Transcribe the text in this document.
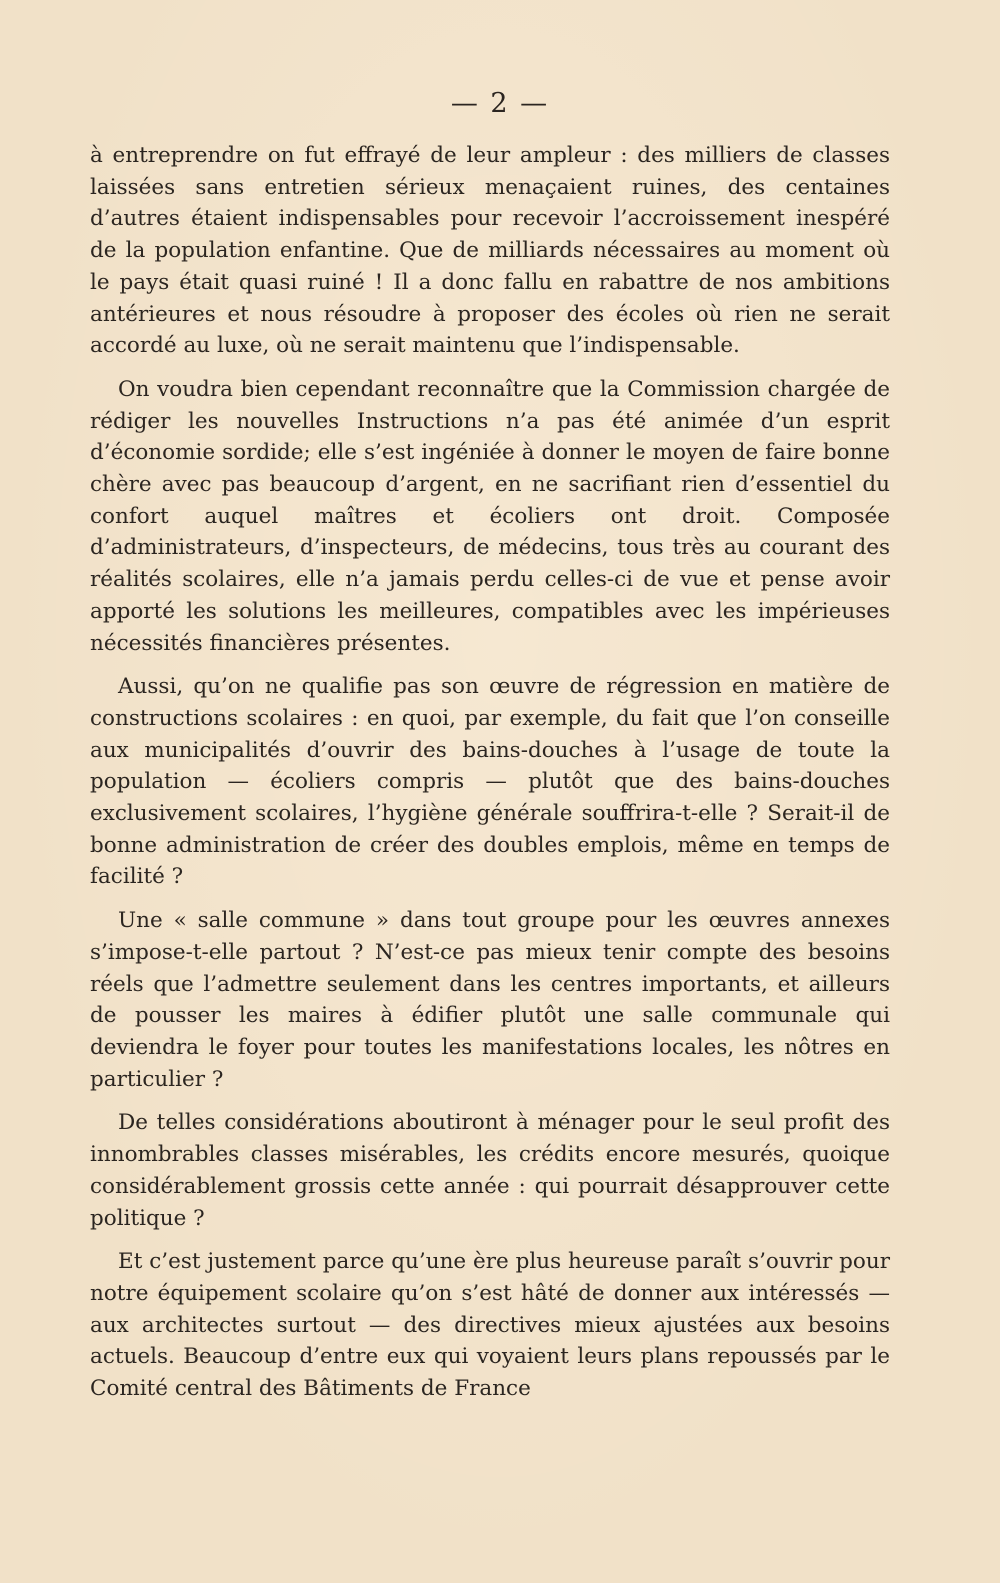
— 2 —

à entreprendre on fut effrayé de leur ampleur : des milliers de classes laissées sans entretien sérieux menaçaient ruines, des centaines d’autres étaient indispensables pour recevoir l’accroissement inespéré de la population enfantine. Que de milliards nécessaires au moment où le pays était quasi ruiné ! Il a donc fallu en rabattre de nos ambitions antérieures et nous résoudre à proposer des écoles où rien ne serait accordé au luxe, où ne serait maintenu que l’indispensable.

On voudra bien cependant reconnaître que la Commission chargée de rédiger les nouvelles Instructions n’a pas été animée d’un esprit d’économie sordide; elle s’est ingéniée à donner le moyen de faire bonne chère avec pas beaucoup d’argent, en ne sacrifiant rien d’essentiel du confort auquel maîtres et écoliers ont droit. Composée d’administrateurs, d’inspecteurs, de médecins, tous très au courant des réalités scolaires, elle n’a jamais perdu celles-ci de vue et pense avoir apporté les solutions les meilleures, compatibles avec les impérieuses nécessités financières présentes.

Aussi, qu’on ne qualifie pas son œuvre de régression en matière de constructions scolaires : en quoi, par exemple, du fait que l’on conseille aux municipalités d’ouvrir des bains-douches à l’usage de toute la population — écoliers compris — plutôt que des bains-douches exclusivement scolaires, l’hygiène générale souffrira-t-elle ? Serait-il de bonne administration de créer des doubles emplois, même en temps de facilité ?

Une « salle commune » dans tout groupe pour les œuvres annexes s’impose-t-elle partout ? N’est-ce pas mieux tenir compte des besoins réels que l’admettre seulement dans les centres importants, et ailleurs de pousser les maires à édifier plutôt une salle communale qui deviendra le foyer pour toutes les manifestations locales, les nôtres en particulier ?

De telles considérations aboutiront à ménager pour le seul profit des innombrables classes misérables, les crédits encore mesurés, quoique considérablement grossis cette année : qui pourrait désapprouver cette politique ?

Et c’est justement parce qu’une ère plus heureuse paraît s’ouvrir pour notre équipement scolaire qu’on s’est hâté de donner aux intéressés — aux architectes surtout — des directives mieux ajustées aux besoins actuels. Beaucoup d’entre eux qui voyaient leurs plans repoussés par le Comité central des Bâtiments de France
